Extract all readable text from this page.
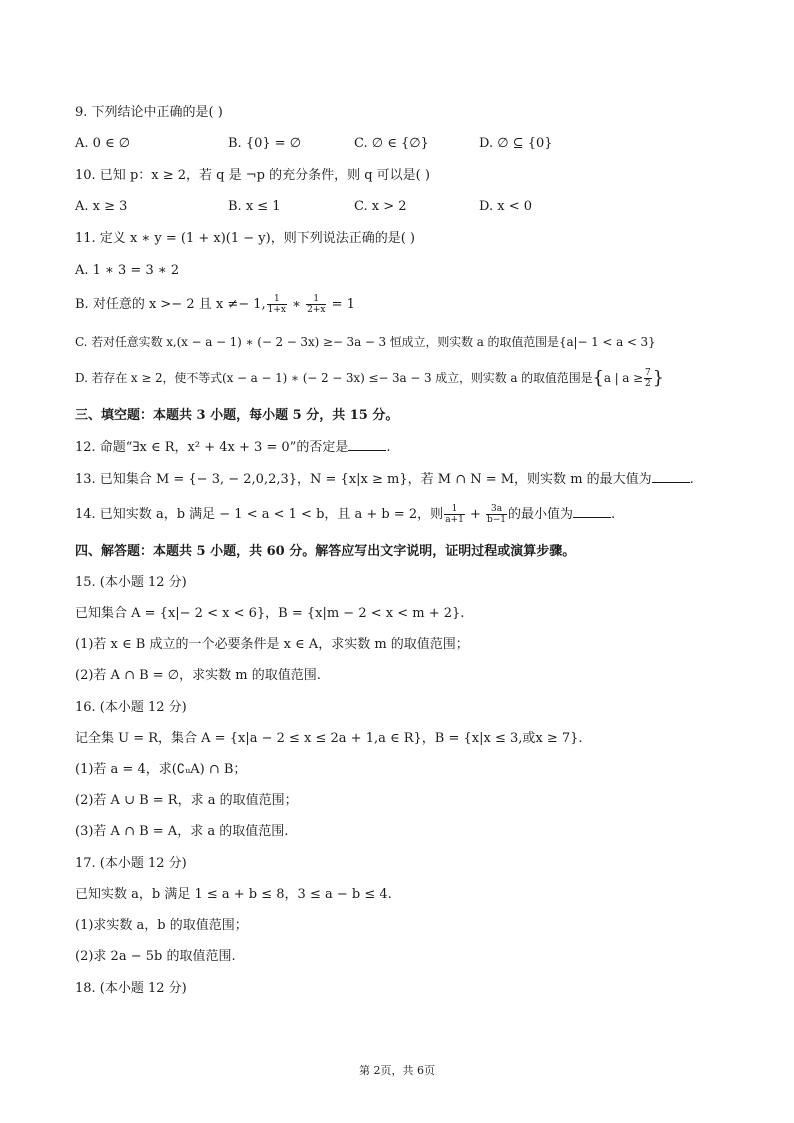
9. 下列结论中正确的是( )
A. 0 ∈ ∅	B. {0} = ∅	C. ∅ ∈ {∅}	D. ∅ ⊆ {0}
10. 已知 p：x ≥ 2，若 q 是 ¬p 的充分条件，则 q 可以是( )
A. x ≥ 3	B. x ≤ 1	C. x > 2	D. x < 0
11. 定义 x ∗ y = (1 + x)(1 − y)，则下列说法正确的是( )
A. 1 ∗ 3 = 3 ∗ 2
B. 对任意的 x >− 2 且 x ≠− 1, $\frac{1}{1+x}$ ∗ $\frac{1}{2+x} = 1$
C. 若对任意实数 x,(x − a − 1) ∗ (− 2 − 3x) ≥− 3a − 3 恒成立，则实数 a 的取值范围是{a|− 1 < a < 3}
D. 若存在 x ≥ 2，使不等式(x − a − 1) ∗ (− 2 − 3x) ≤− 3a − 3 成立，则实数 a 的取值范围是{a | $a \ge \frac{7}{2}$ }
三、填空题：本题共 3 小题，每小题 5 分，共 15 分。
12. 命题“∃x ∈ R，x² + 4x + 3 = 0”的否定是	.
13. 已知集合 M = {− 3, − 2,0,2,3}，N = {x|x ≥ m}，若 M ∩ N = M，则实数 m 的最大值为	.
14. 已知实数 a，b 满足 − 1 < a < 1 < b，且 a + b = 2，则 $\frac{1}{a+1} + \frac{3a}{b-1}$ 的最小值为	.
四、解答题：本题共 5 小题，共 60 分。解答应写出文字说明，证明过程或演算步骤。
15. (本小题 12 分)
已知集合 A = {x|− 2 < x < 6}，B = {x|m − 2 < x < m + 2}.
(1)若 x ∈ B 成立的一个必要条件是 x ∈ A，求实数 m 的取值范围；
(2)若 A ∩ B = ∅，求实数 m 的取值范围.
16. (本小题 12 分)
记全集 U = R，集合 A = {x|a − 2 ≤ x ≤ 2a + 1,a ∈ R}，B = {x|x ≤ 3,或x ≥ 7}.
(1)若 a = 4，求(∁ᵤA) ∩ B；
(2)若 A ∪ B = R，求 a 的取值范围；
(3)若 A ∩ B = A，求 a 的取值范围.
17. (本小题 12 分)
已知实数 a，b 满足 1 ≤ a + b ≤ 8，3 ≤ a − b ≤ 4.
(1)求实数 a，b 的取值范围；
(2)求 2a − 5b 的取值范围.
18. (本小题 12 分)
第 2页，共 6页
